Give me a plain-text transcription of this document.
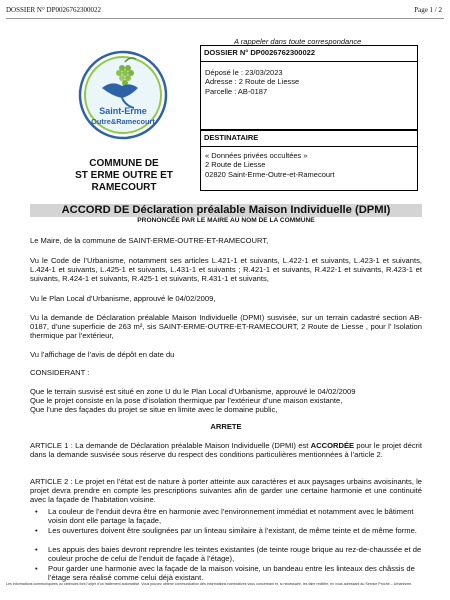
DOSSIER N° DP0026762300022	Page 1 / 2
Saint-Erme
Outre&Ramecourt
COMMUNE DE
ST ERME OUTRE ET
RAMECOURT
A rappeler dans toute correspondance
DOSSIER N° DP0026762300022
Déposé le : 23/03/2023
Adresse : 2 Route de Liesse
Parcelle : AB-0187
DESTINATAIRE
« Données privées occultées »
2 Route de Liesse
02820 Saint-Erme-Outre-et-Ramecourt
ACCORD DE Déclaration préalable Maison Individuelle (DPMI)
PRONONCÉE PAR LE MAIRE AU NOM DE LA COMMUNE
Le Maire, de la commune de SAINT-ERME-OUTRE-ET-RAMECOURT,
Vu le Code de l’Urbanisme, notamment ses articles L.421-1 et suivants, L.422-1 et suivants, L.423-1 et suivants, L.424-1 et suivants, L.425-1 et suivants, L.431-1 et suivants ; R.421-1 et suivants, R.422-1 et suivants, R.423-1 et suivants, R.424-1 et suivants, R.425-1 et suivants, R.431-1 et suivants,
Vu le Plan Local d’Urbanisme, approuvé le 04/02/2009,
Vu la demande de Déclaration préalable Maison Individuelle (DPMI) susvisée, sur un terrain cadastré section AB-0187, d’une superficie de 263 m², sis SAINT-ERME-OUTRE-ET-RAMECOURT, 2 Route de Liesse , pour l’ Isolation thermique par l’extérieur,
Vu l’affichage de l’avis de dépôt en date du
CONSIDERANT :
Que le terrain susvisé est situé en zone U du le Plan Local d’Urbanisme, approuvé le 04/02/2009
Que le projet consiste en la pose d’isolation thermique par l’extérieur d’une maison existante,
Que l’une des façades du projet se situe en limite avec le domaine public,
ARRETE
ARTICLE 1 : La demande de Déclaration préalable Maison Individuelle (DPMI) est ACCORDÉE pour le projet décrit dans la demande susvisée sous réserve du respect des conditions particulières mentionnées à l’article 2.
ARTICLE 2 : Le projet en l’état est de nature à porter atteinte aux caractères et aux paysages urbains avoisinants, le projet devra prendre en compte les prescriptions suivantes afin de garder une certaine harmonie et une continuité avec la façade de l’habitation voisine.
• La couleur de l’enduit devra être en harmonie avec l’environnement immédiat et notamment avec le bâtiment voisin dont elle partage la façade,
• Les ouvertures doivent être soulignées par un linteau similaire à l’existant, de même teinte et de même forme.
• Les appuis des baies devront reprendre les teintes existantes (de teinte rouge brique au rez-de-chaussée et de couleur proche de celui de l’enduit de façade à l’étage),
• Pour garder une harmonie avec la façade de la maison voisine, un bandeau entre les linteaux des châssis de l’étage sera réalisé comme celui déjà existant.
Les informations communiquées ou obtenues font l’objet d’un traitement automatisé. Vous pouvez obtenir communication des informations nominatives vous concernant et, si nécessaire, les faire rectifier, en vous adressant au Service Proche – Urbanisme.
